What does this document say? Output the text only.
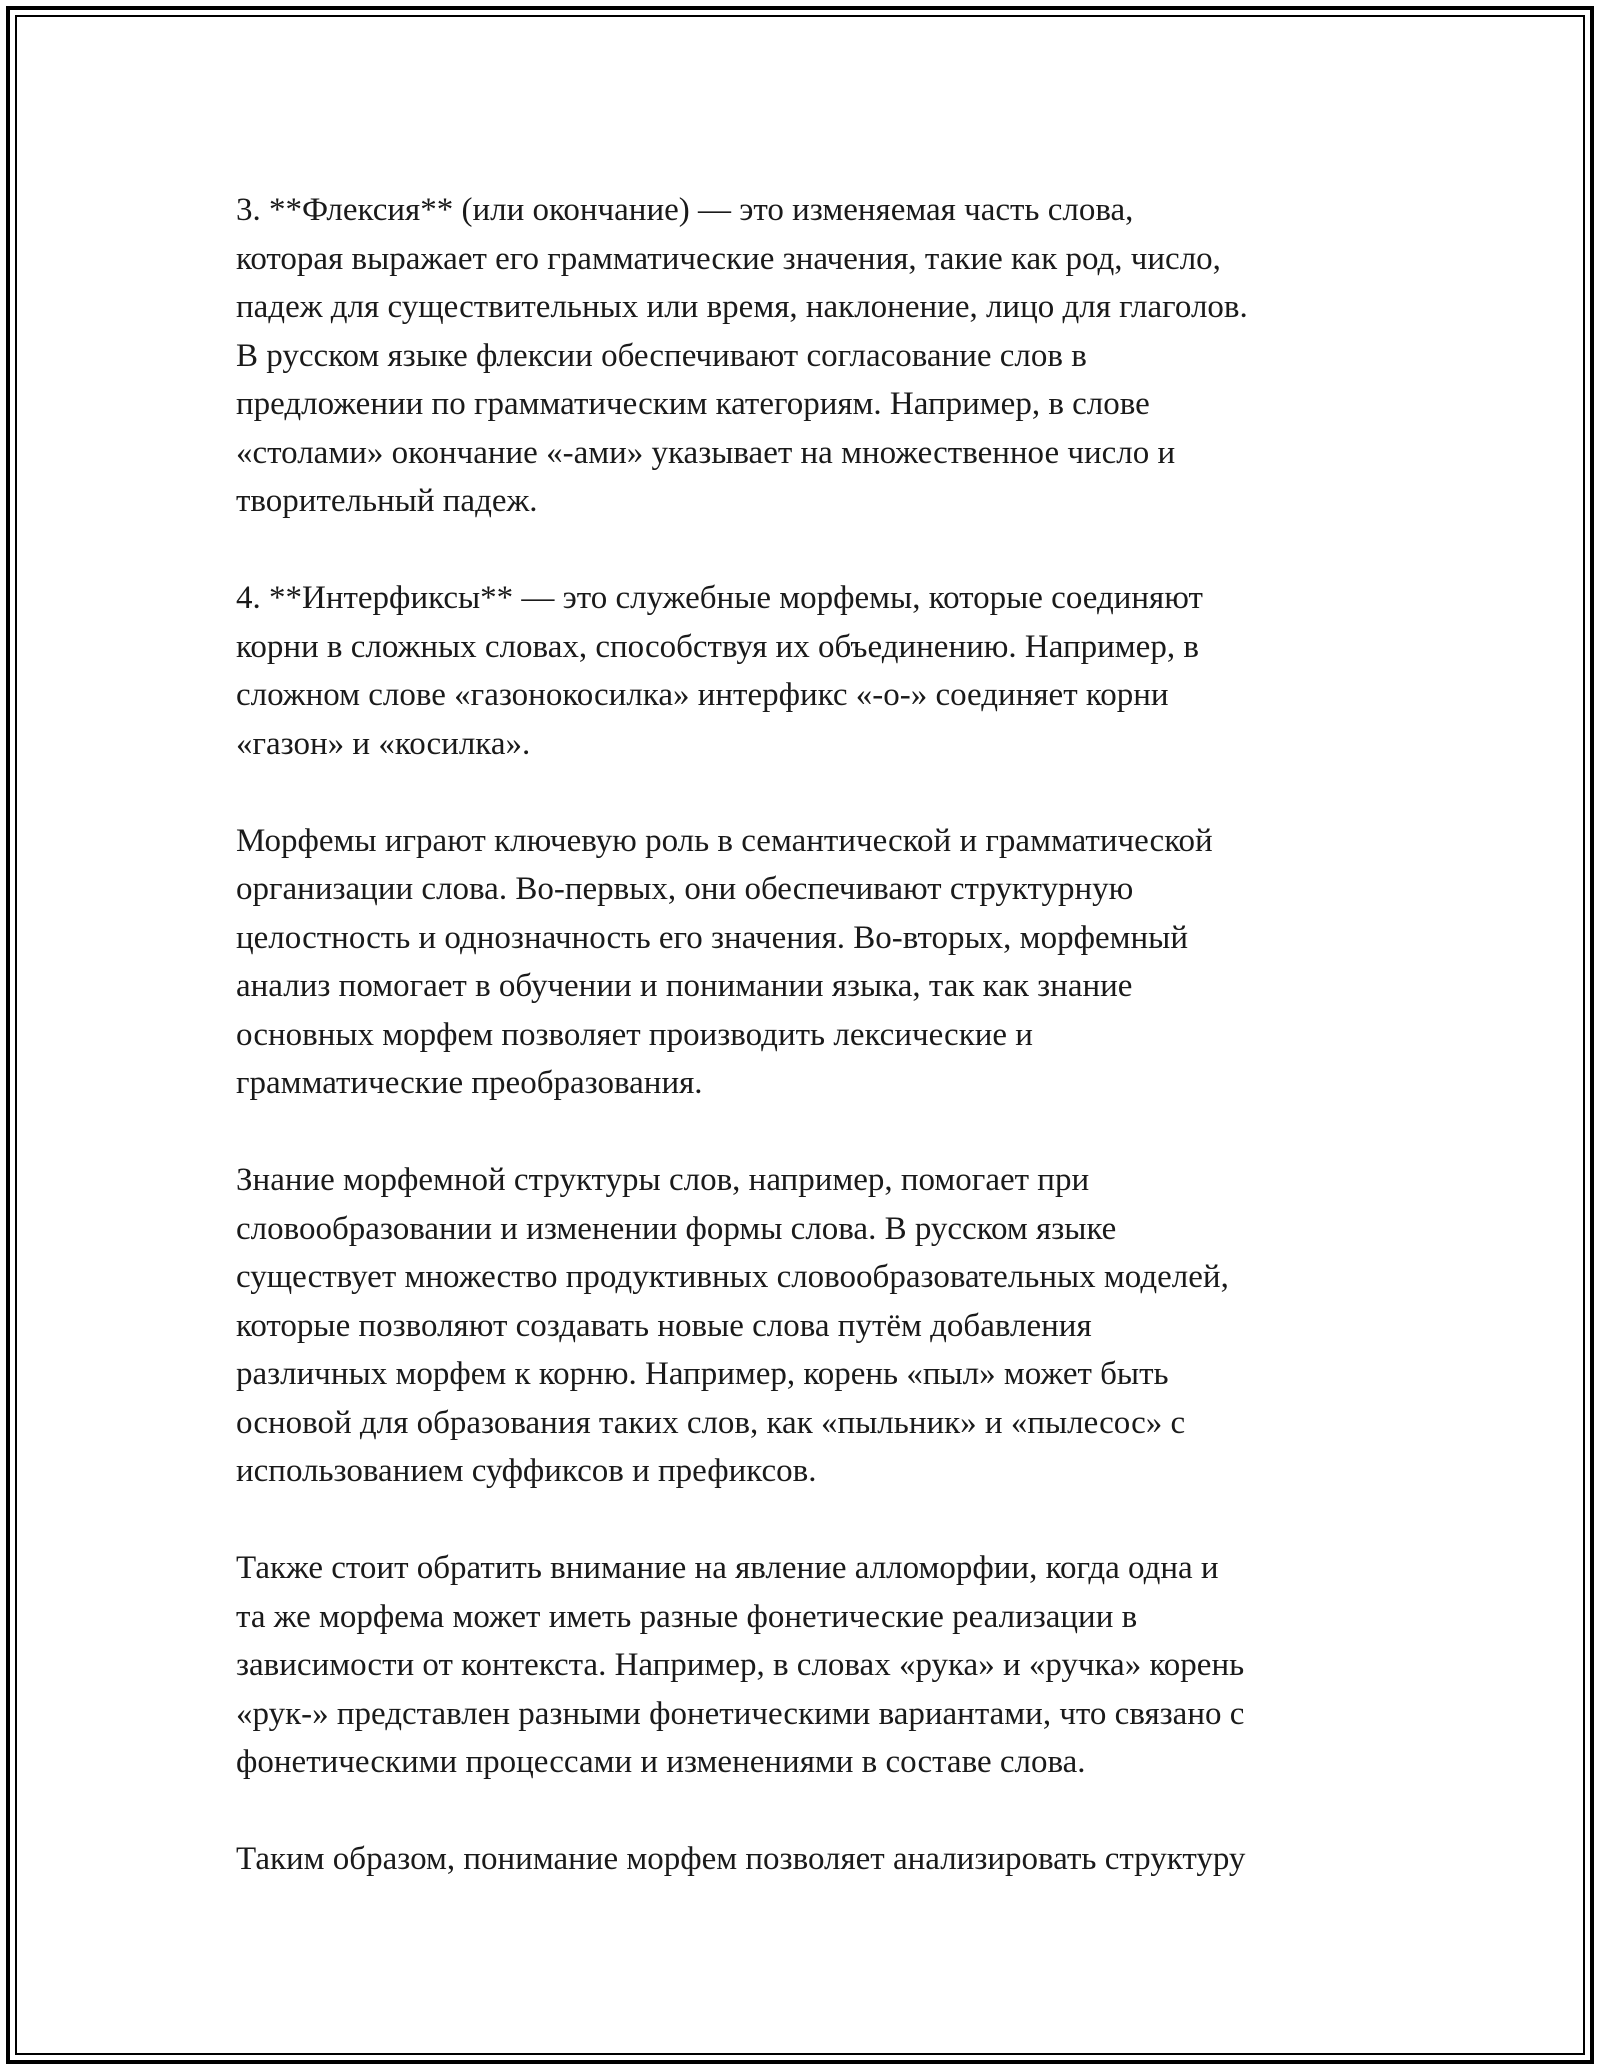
3. **Флексия** (или окончание) — это изменяемая часть слова,
которая выражает его грамматические значения, такие как род, число,
падеж для существительных или время, наклонение, лицо для глаголов.
В русском языке флексии обеспечивают согласование слов в
предложении по грамматическим категориям. Например, в слове
«столами» окончание «-ами» указывает на множественное число и
творительный падеж.

4. **Интерфиксы** — это служебные морфемы, которые соединяют
корни в сложных словах, способствуя их объединению. Например, в
сложном слове «газонокосилка» интерфикс «-о-» соединяет корни
«газон» и «косилка».

Морфемы играют ключевую роль в семантической и грамматической
организации слова. Во-первых, они обеспечивают структурную
целостность и однозначность его значения. Во-вторых, морфемный
анализ помогает в обучении и понимании языка, так как знание
основных морфем позволяет производить лексические и
грамматические преобразования.

Знание морфемной структуры слов, например, помогает при
словообразовании и изменении формы слова. В русском языке
существует множество продуктивных словообразовательных моделей,
которые позволяют создавать новые слова путём добавления
различных морфем к корню. Например, корень «пыл» может быть
основой для образования таких слов, как «пыльник» и «пылесос» с
использованием суффиксов и префиксов.

Также стоит обратить внимание на явление алломорфии, когда одна и
та же морфема может иметь разные фонетические реализации в
зависимости от контекста. Например, в словах «рука» и «ручка» корень
«рук-» представлен разными фонетическими вариантами, что связано с
фонетическими процессами и изменениями в составе слова.

Таким образом, понимание морфем позволяет анализировать структуру
